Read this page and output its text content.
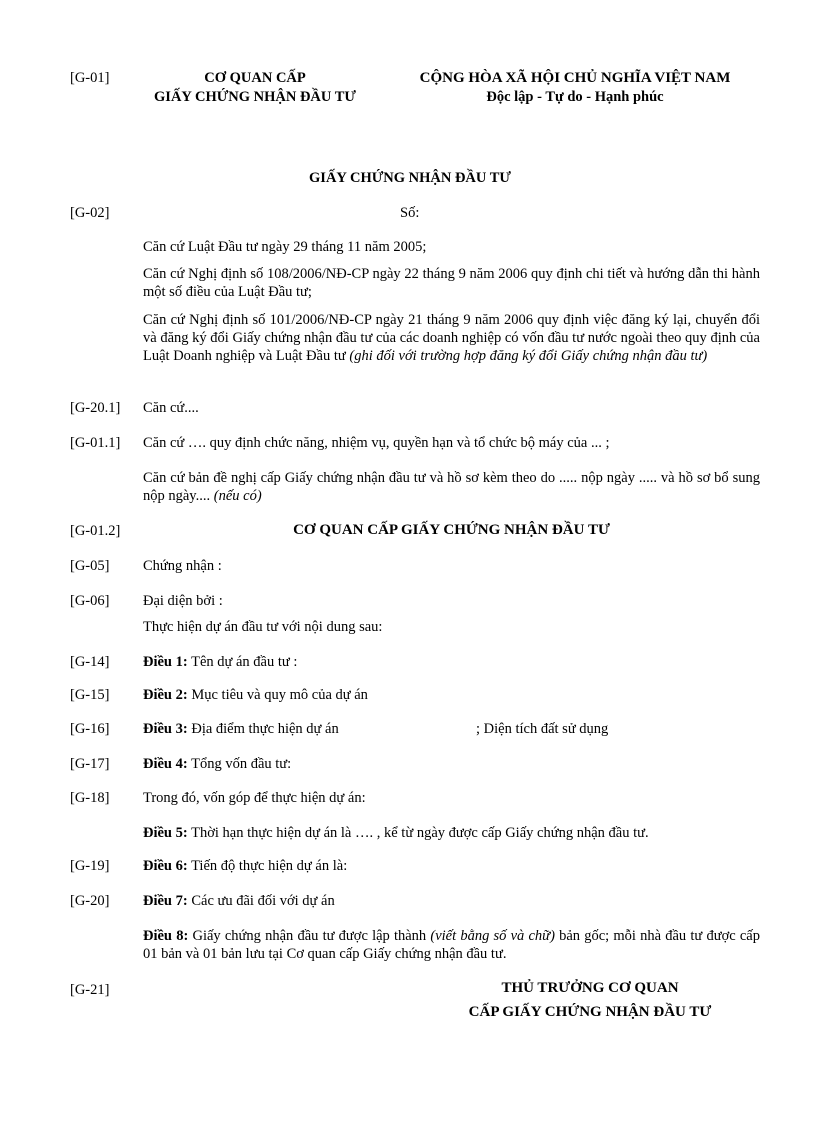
[G-01]	CƠ QUAN CẤP
GIẤY CHỨNG NHẬN ĐẦU TƯ
CỘNG HÒA XÃ HỘI CHỦ NGHĨA VIỆT NAM
Độc lập - Tự do - Hạnh phúc
GIẤY CHỨNG NHẬN ĐẦU TƯ
[G-02]	Số:
Căn cứ Luật Đầu tư ngày 29 tháng 11 năm 2005;
Căn cứ Nghị định số 108/2006/NĐ-CP ngày 22 tháng 9 năm 2006 quy định chi tiết và hướng dẫn thi hành một số điều của Luật Đầu tư;
Căn cứ Nghị định số 101/2006/NĐ-CP ngày 21 tháng 9 năm 2006 quy định việc đăng ký lại, chuyển đổi và đăng ký đổi Giấy chứng nhận đầu tư của các doanh nghiệp có vốn đầu tư nước ngoài theo quy định của Luật Doanh nghiệp và Luật Đầu tư (ghi đối với trường hợp đăng ký đổi Giấy chứng nhận đầu tư)
[G-20.1] Căn cứ....
[G-01.1] Căn cứ …. quy định chức năng, nhiệm vụ, quyền hạn và tổ chức bộ máy của ... ;
Căn cứ bản đề nghị cấp Giấy chứng nhận đầu tư và hồ sơ kèm theo do ..... nộp ngày ..... và hồ sơ bổ sung nộp ngày.... (nếu có)
[G-01.2]	CƠ QUAN CẤP GIẤY CHỨNG NHẬN ĐẦU TƯ
[G-05] Chứng nhận :
[G-06] Đại diện bởi :
Thực hiện dự án đầu tư với nội dung sau:
[G-14] Điều 1: Tên dự án đầu tư :
[G-15] Điều 2: Mục tiêu và quy mô của dự án
[G-16] Điều 3: Địa điểm thực hiện dự án	; Diện tích đất sử dụng
[G-17] Điều 4: Tổng vốn đầu tư:
[G-18] Trong đó, vốn góp để thực hiện dự án:
Điều 5: Thời hạn thực hiện dự án là …. , kể từ ngày được cấp Giấy chứng nhận đầu tư.
[G-19] Điều 6: Tiến độ thực hiện dự án là:
[G-20] Điều 7: Các ưu đãi đối với dự án
Điều 8: Giấy chứng nhận đầu tư được lập thành (viết bằng số và chữ) bản gốc; mỗi nhà đầu tư được cấp 01 bản và 01 bản lưu tại Cơ quan cấp Giấy chứng nhận đầu tư.
[G-21]	THỦ TRƯỞNG CƠ QUAN
CẤP GIẤY CHỨNG NHẬN ĐẦU TƯ
